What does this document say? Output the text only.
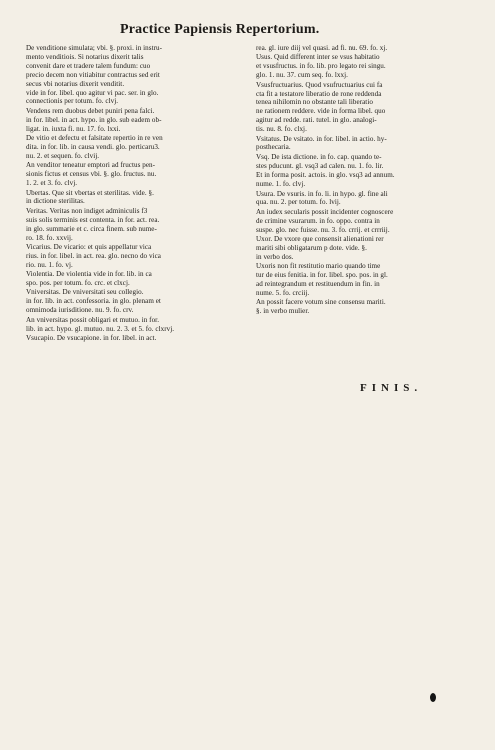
Practice Papiensis Repertorium.
De venditione simulata; vbi. §. proxi. in instru-
mento venditiois. Si notarius dixerit talis
convenit dare et tradere talem fundum: cuo
precio decem non vitiabitur contractus sed erit
secus vbi notarius dixerit venditit.
vide in for. libel. quo agitur vi pac. ser. in glo.
connectionis per totum. fo. clvj.
Vendens rem duobus debet puniri pena falci.
in for. libel. in act. hypo. in glo. sub eadem ob-
ligat. in. iuxta fi. nu. 17. fo. lxxi.
De vitio et defectu et falsitate repertio in re ven
dita. in for. lib. in causa vendi. glo. perticaru3.
nu. 2. et sequen. fo. clvij.
An venditor teneatur emptori ad fructus pen-
sionis fictus et census vbi. §. glo. fructus. nu.
1. 2. et 3. fo. clvj.
Ubertas. Que sit vbertas et sterilitas. vide. §.
in dictione sterilitas.
Veritas. Veritas non indiget adminiculis f3
suis solis terminis est contenta. in for. act. rea.
in glo. summarie et c. circa finem. sub nume-
ro. 18. fo. xxvij.
Vicarius. De vicario: et quis appellatur vica
rius. in for. libel. in act. rea. glo. necno do vica
rio. nu. 1. fo. vj.
Violentia. De violentia vide in for. lib. in ca
spo. pos. per totum. fo. crc. et clxcj.
Vniversitas. De vniversitati seu collegio.
in for. lib. in act. confessoria. in glo. plenam et
omnimoda iurisditione. nu. 9. fo. crv.
An vniversitas possit obligari et mutuo. in for.
lib. in act. hypo. gl. mutuo. nu. 2. 3. et 5. fo. clxrvj.
Vsucapio. De vsucapione. in for. libel. in act.
rea. gl. iure diij vel quasi. ad fi. nu. 69. fo. xj.
Usus. Quid different inter se vsus habitatio
et vsusfructus. in fo. lib. pro legato rei singu.
glo. 1. nu. 37. cum seq. fo. lxxj.
Vsusfructuarius. Quod vsufructuarius cui fa
cta fit a testatore liberatio de rone reddenda
tenea nihilomin no obstante tali liberatio
ne rationem reddere. vide in forma libel. quo
agitur ad redde. rati. tutel. in glo. analogi-
tis. nu. 8. fo. clxj.
Vsitatus. De vsitato. in for. libel. in actio. hy-
posthecaria.
Vsq. De ista dictione. in fo. cap. quando te-
stes pducunt. gl. vsq3 ad calen. nu. 1. fo. lir.
Et in forma posit. actois. in glo. vsq3 ad annum.
nume. 1. fo. clvj.
Usura. De vsuris. in fo. li. in hypo. gl. fine ali
qua. nu. 2. per totum. fo. lvij.
An iudex secularis possit incidenter cognoscere
de crimine vsurarum. in fo. oppo. contra in
suspe. glo. nec fuisse. nu. 3. fo. crrij. et crrriij.
Uxor. De vxore que consensit alienationi rer
mariti sibi obligatarum p dote. vide. §.
in verbo dos.
Uxoris non fit restitutio mario quando time
tur de eius fenitia. in for. libel. spo. pos. in gl.
ad reintegrandum et restituendum in fin. in
nume. 5. fo. crciij.
An possit facere votum sine consensu mariti.
§. in verbo mulier.
FINIS.
